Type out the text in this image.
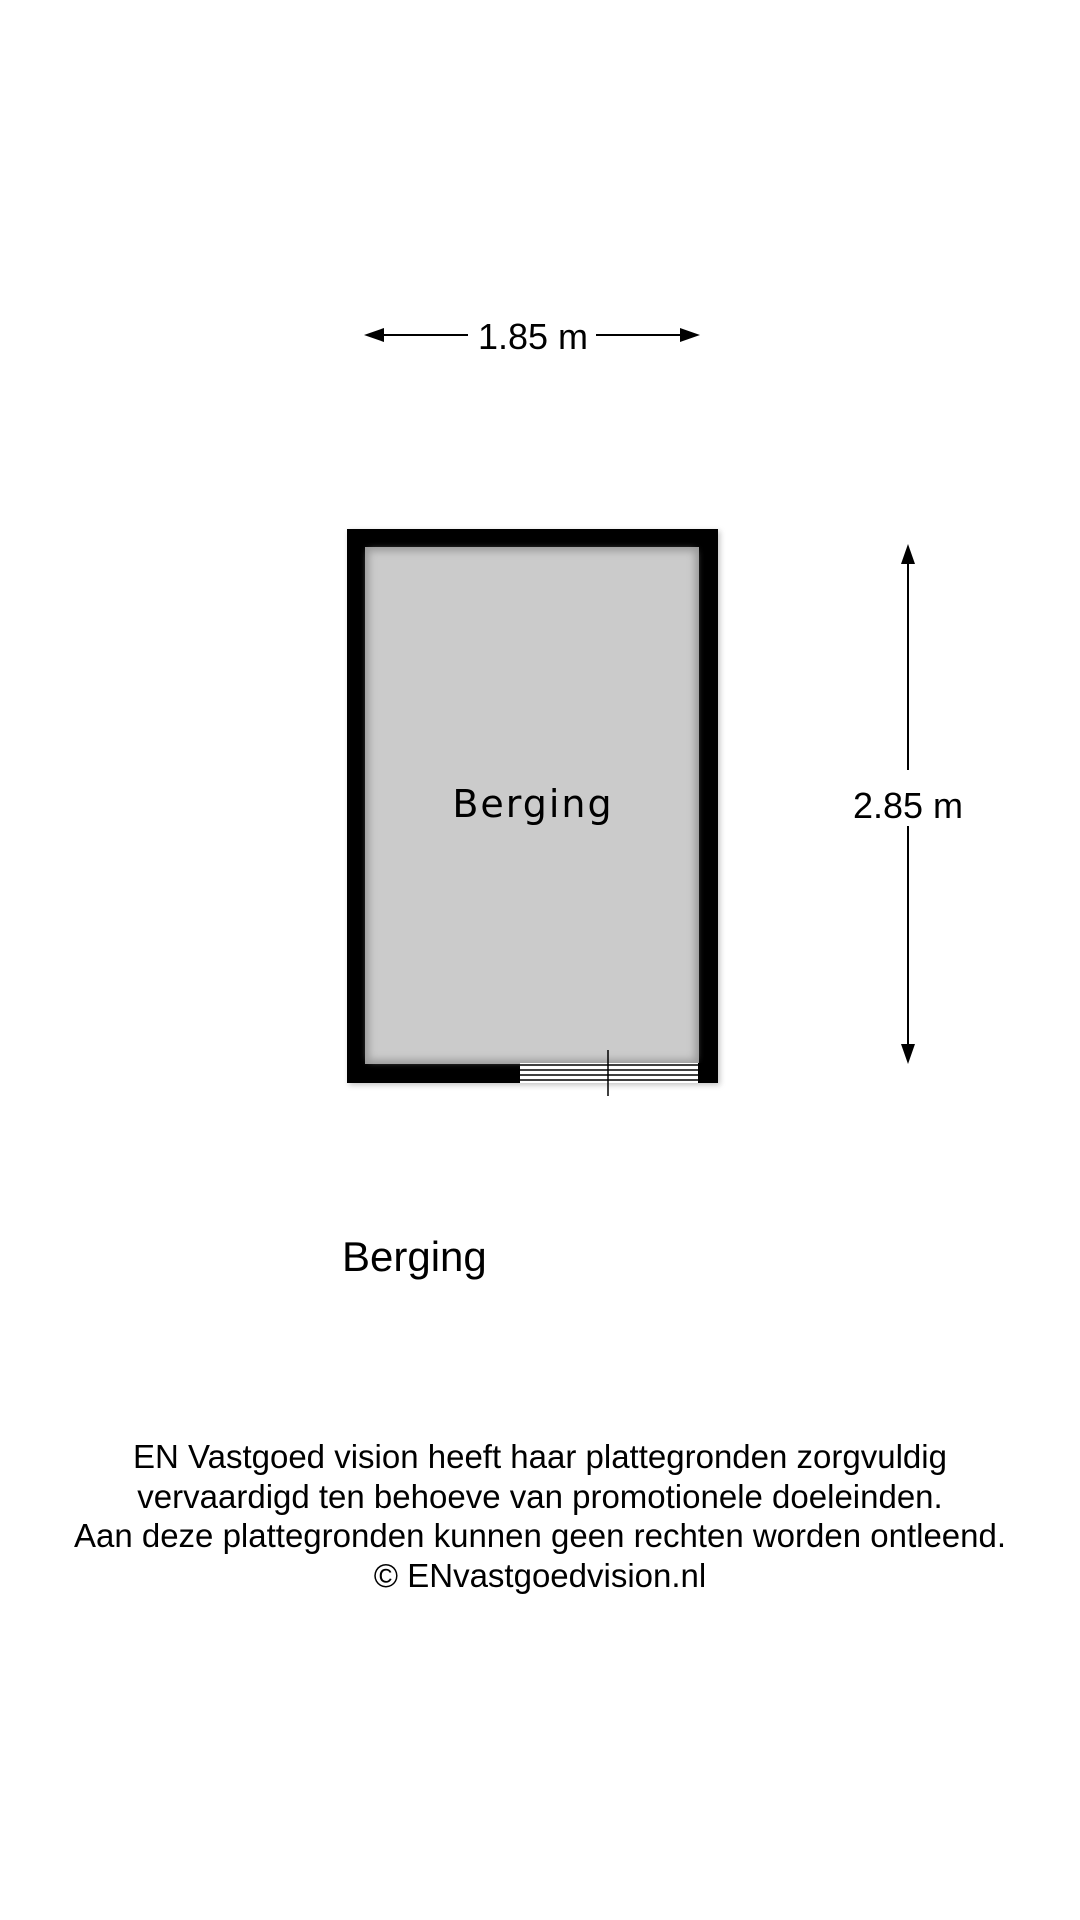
1.85 m
Berging	2.85 m
Berging
EN Vastgoed vision heeft haar plattegronden zorgvuldig
vervaardigd ten behoeve van promotionele doeleinden.
Aan deze plattegronden kunnen geen rechten worden ontleend.
© ENvastgoedvision.nl
